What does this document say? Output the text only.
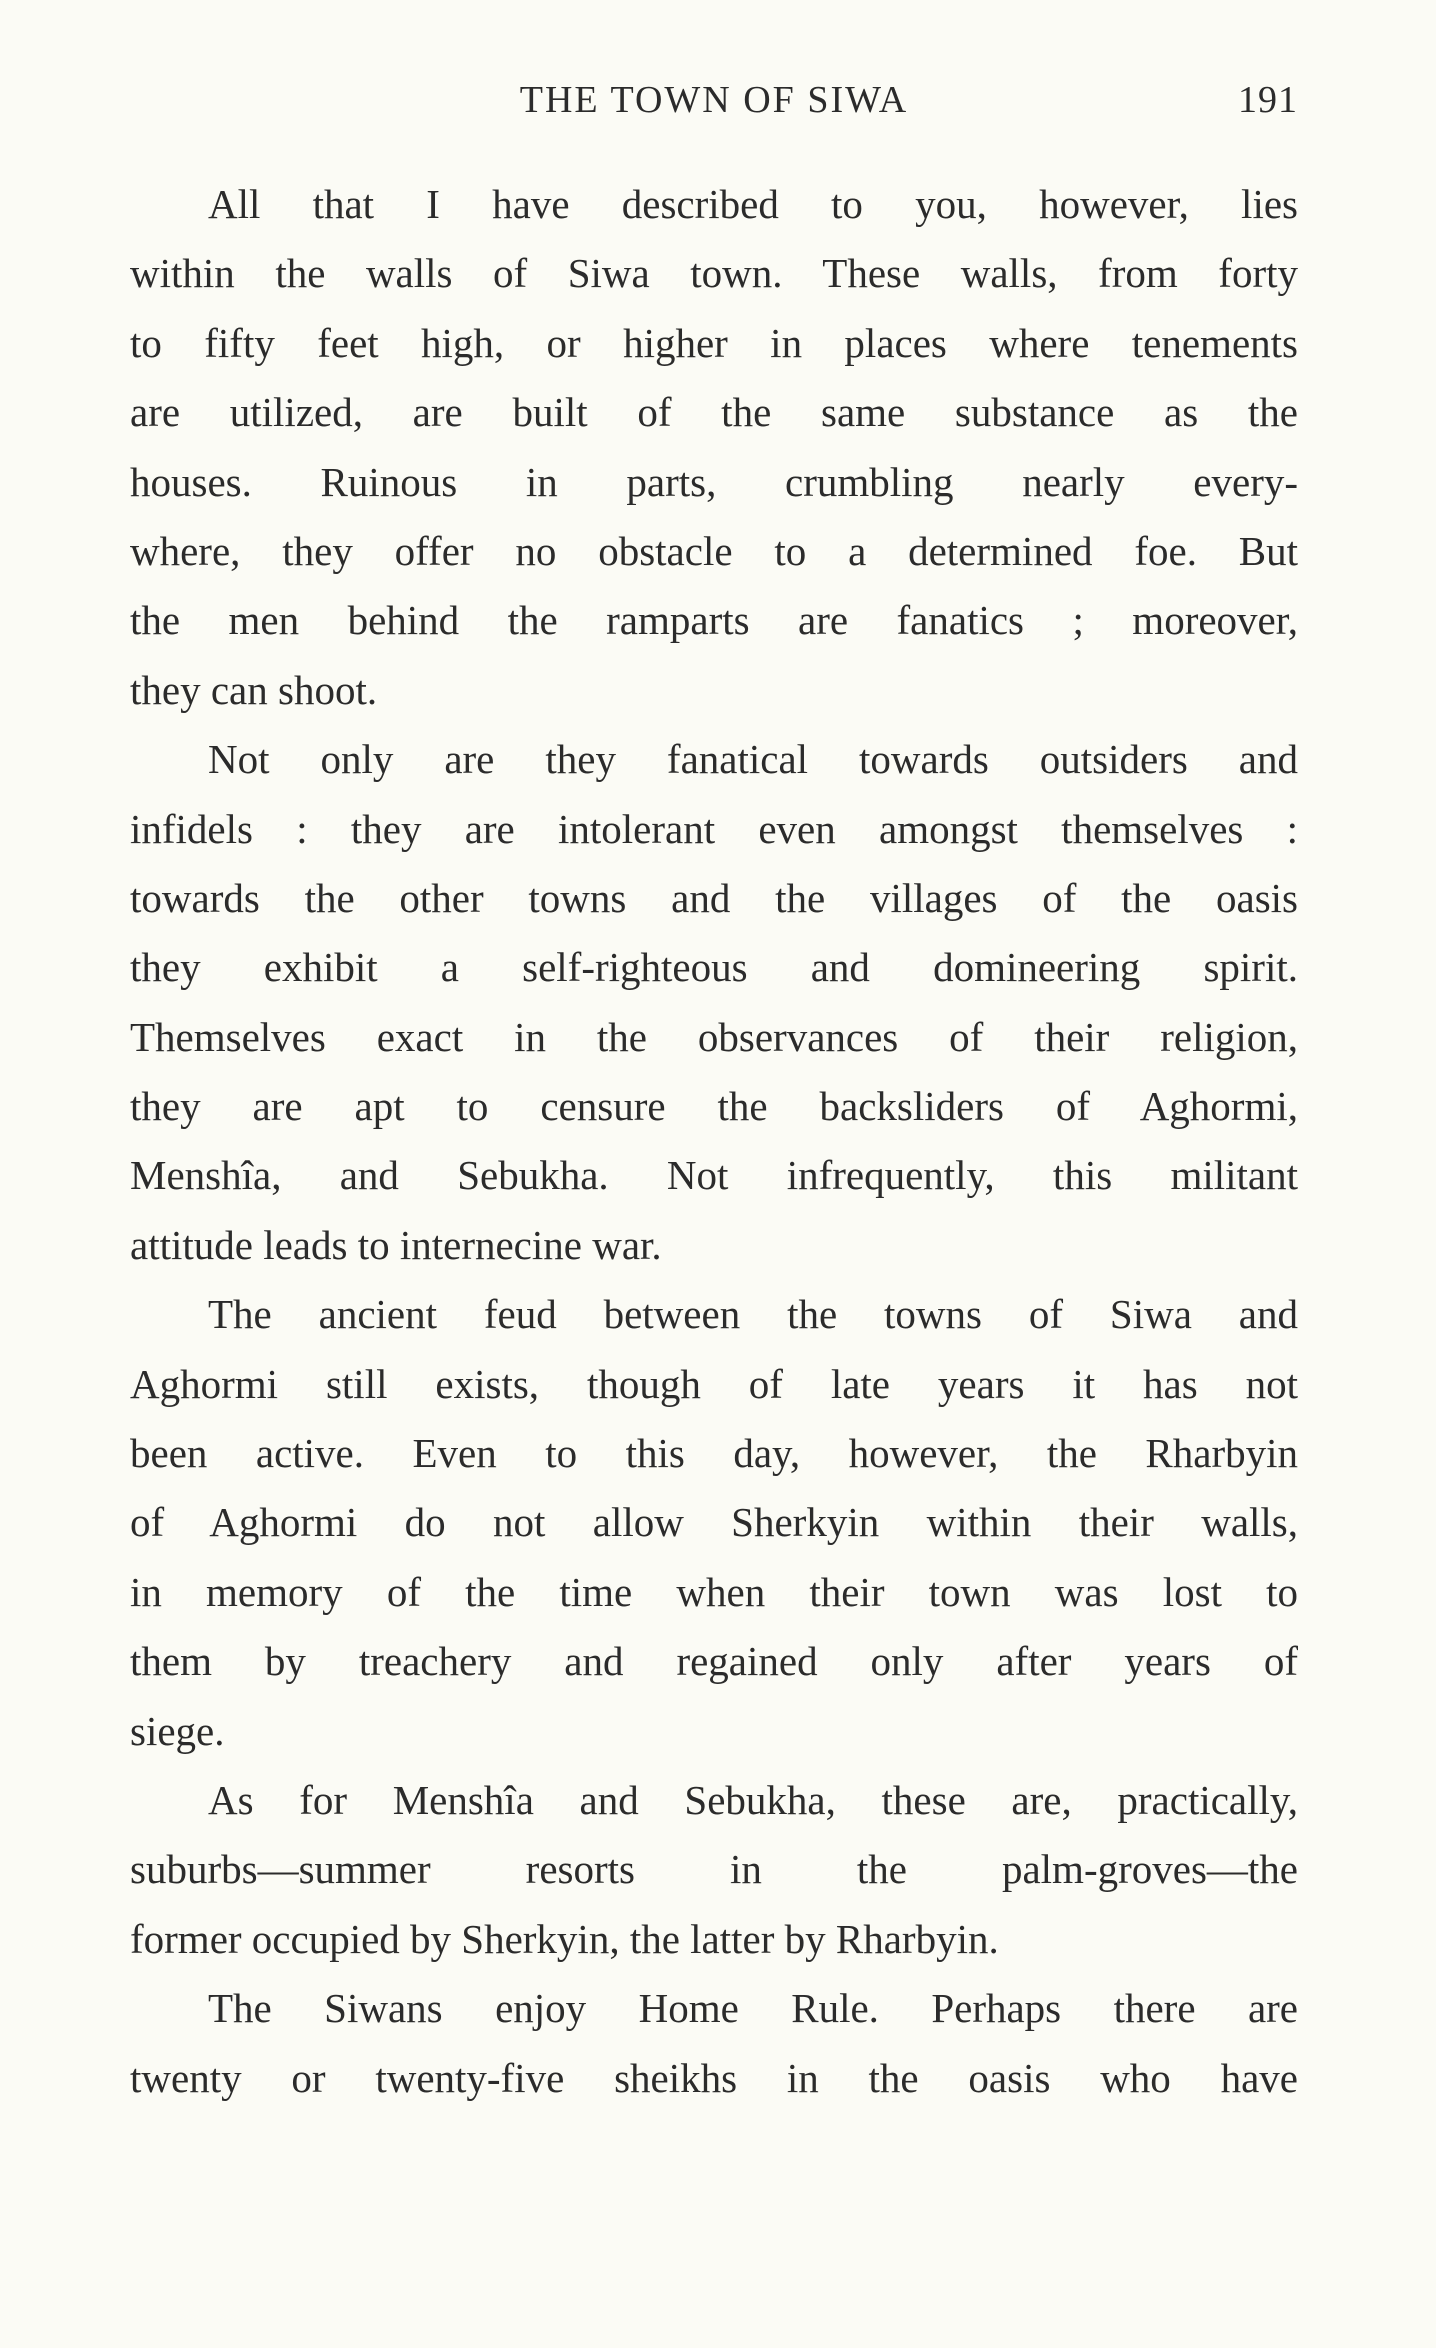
THE TOWN OF SIWA	191
All that I have described to you, however, lies
within the walls of Siwa town. These walls, from forty
to fifty feet high, or higher in places where tenements
are utilized, are built of the same substance as the
houses. Ruinous in parts, crumbling nearly every-
where, they offer no obstacle to a determined foe. But
the men behind the ramparts are fanatics ; moreover,
they can shoot.
Not only are they fanatical towards outsiders and
infidels : they are intolerant even amongst themselves :
towards the other towns and the villages of the oasis
they exhibit a self-righteous and domineering spirit.
Themselves exact in the observances of their religion,
they are apt to censure the backsliders of Aghormi,
Menshîa, and Sebukha. Not infrequently, this militant
attitude leads to internecine war.
The ancient feud between the towns of Siwa and
Aghormi still exists, though of late years it has not
been active. Even to this day, however, the Rharbyin
of Aghormi do not allow Sherkyin within their walls,
in memory of the time when their town was lost to
them by treachery and regained only after years of
siege.
As for Menshîa and Sebukha, these are, practically,
suburbs—summer resorts in the palm-groves—the
former occupied by Sherkyin, the latter by Rharbyin.
The Siwans enjoy Home Rule. Perhaps there are
twenty or twenty-five sheikhs in the oasis who have
